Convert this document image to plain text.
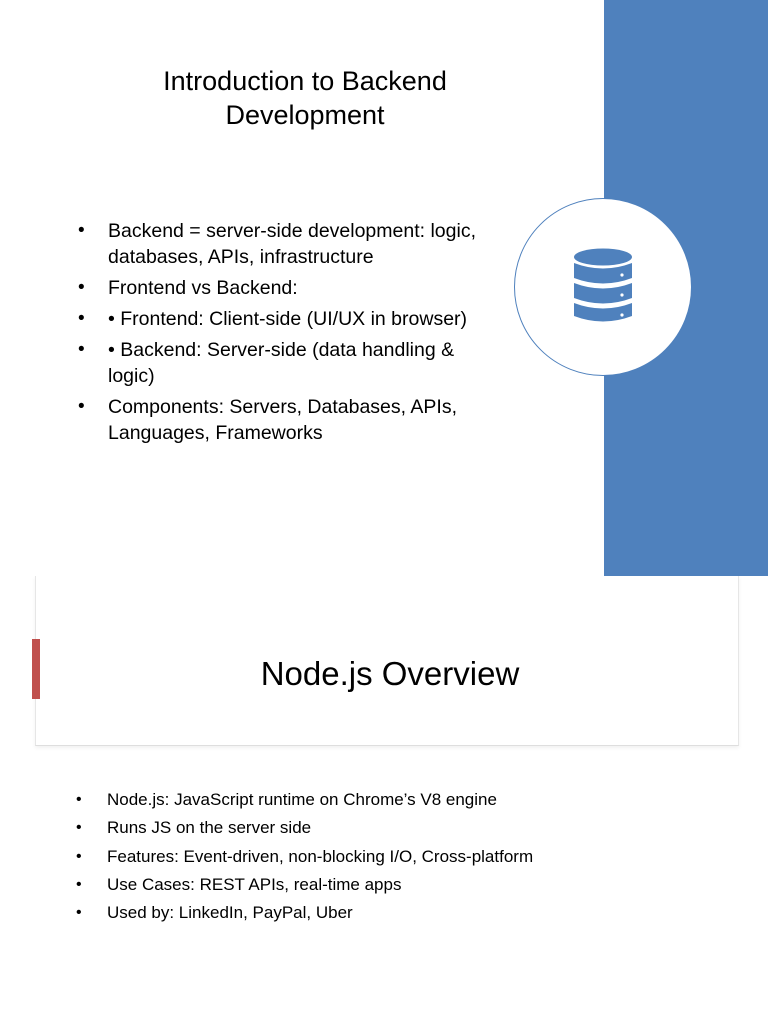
Introduction to Backend Development
• Backend = server-side development: logic, databases, APIs, infrastructure
• Frontend vs Backend:
• • Frontend: Client-side (UI/UX in browser)
• • Backend: Server-side (data handling & logic)
• Components: Servers, Databases, APIs, Languages, Frameworks
Node.js Overview
• Node.js: JavaScript runtime on Chrome’s V8 engine
• Runs JS on the server side
• Features: Event-driven, non-blocking I/O, Cross-platform
• Use Cases: REST APIs, real-time apps
• Used by: LinkedIn, PayPal, Uber
